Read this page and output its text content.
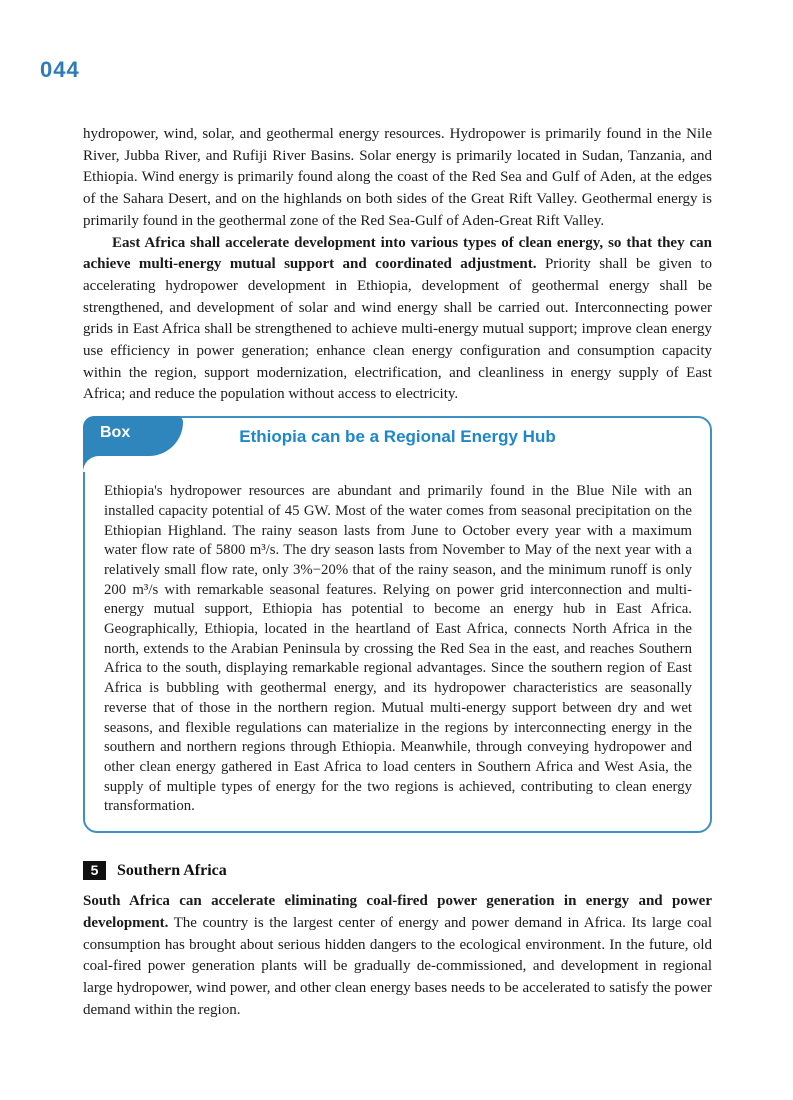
044

hydropower, wind, solar, and geothermal energy resources. Hydropower is primarily found in the Nile River, Jubba River, and Rufiji River Basins. Solar energy is primarily located in Sudan, Tanzania, and Ethiopia. Wind energy is primarily found along the coast of the Red Sea and Gulf of Aden, at the edges of the Sahara Desert, and on the highlands on both sides of the Great Rift Valley. Geothermal energy is primarily found in the geothermal zone of the Red Sea-Gulf of Aden-Great Rift Valley.

East Africa shall accelerate development into various types of clean energy, so that they can achieve multi-energy mutual support and coordinated adjustment. Priority shall be given to accelerating hydropower development in Ethiopia, development of geothermal energy shall be strengthened, and development of solar and wind energy shall be carried out. Interconnecting power grids in East Africa shall be strengthened to achieve multi-energy mutual support; improve clean energy use efficiency in power generation; enhance clean energy configuration and consumption capacity within the region, support modernization, electrification, and cleanliness in energy supply of East Africa; and reduce the population without access to electricity.

Box	Ethiopia can be a Regional Energy Hub

Ethiopia's hydropower resources are abundant and primarily found in the Blue Nile with an installed capacity potential of 45 GW. Most of the water comes from seasonal precipitation on the Ethiopian Highland. The rainy season lasts from June to October every year with a maximum water flow rate of 5800 m³/s. The dry season lasts from November to May of the next year with a relatively small flow rate, only 3%−20% that of the rainy season, and the minimum runoff is only 200 m³/s with remarkable seasonal features. Relying on power grid interconnection and multi-energy mutual support, Ethiopia has potential to become an energy hub in East Africa. Geographically, Ethiopia, located in the heartland of East Africa, connects North Africa in the north, extends to the Arabian Peninsula by crossing the Red Sea in the east, and reaches Southern Africa to the south, displaying remarkable regional advantages. Since the southern region of East Africa is bubbling with geothermal energy, and its hydropower characteristics are seasonally reverse that of those in the northern region. Mutual multi-energy support between dry and wet seasons, and flexible regulations can materialize in the regions by interconnecting energy in the southern and northern regions through Ethiopia. Meanwhile, through conveying hydropower and other clean energy gathered in East Africa to load centers in Southern Africa and West Asia, the supply of multiple types of energy for the two regions is achieved, contributing to clean energy transformation.

5	Southern Africa

South Africa can accelerate eliminating coal-fired power generation in energy and power development. The country is the largest center of energy and power demand in Africa. Its large coal consumption has brought about serious hidden dangers to the ecological environment. In the future, old coal-fired power generation plants will be gradually de-commissioned, and development in regional large hydropower, wind power, and other clean energy bases needs to be accelerated to satisfy the power demand within the region.
